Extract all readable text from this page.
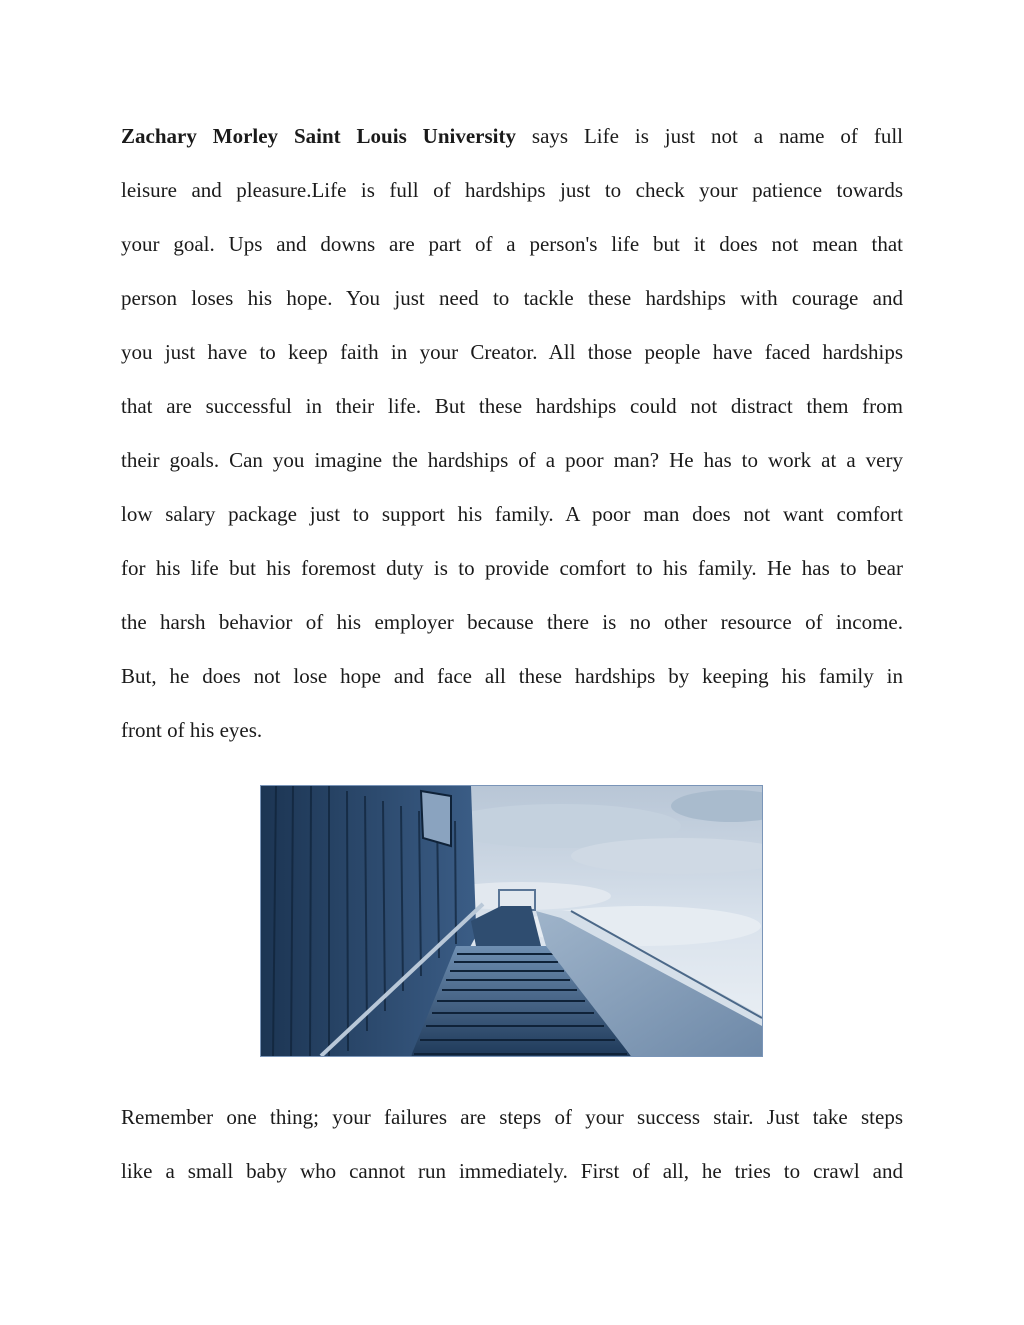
Zachary Morley Saint Louis University says Life is just not a name of full
leisure and pleasure.Life is full of hardships just to check your patience towards
your goal. Ups and downs are part of a person's life but it does not mean that
person loses his hope. You just need to tackle these hardships with courage and
you just have to keep faith in your Creator. All those people have faced hardships
that are successful in their life. But these hardships could not distract them from
their goals. Can you imagine the hardships of a poor man? He has to work at a very
low salary package just to support his family. A poor man does not want comfort
for his life but his foremost duty is to provide comfort to his family. He has to bear
the harsh behavior of his employer because there is no other resource of income.
But, he does not lose hope and face all these hardships by keeping his family in
front of his eyes.
Remember one thing; your failures are steps of your success stair. Just take steps
like a small baby who cannot run immediately. First of all, he tries to crawl and
